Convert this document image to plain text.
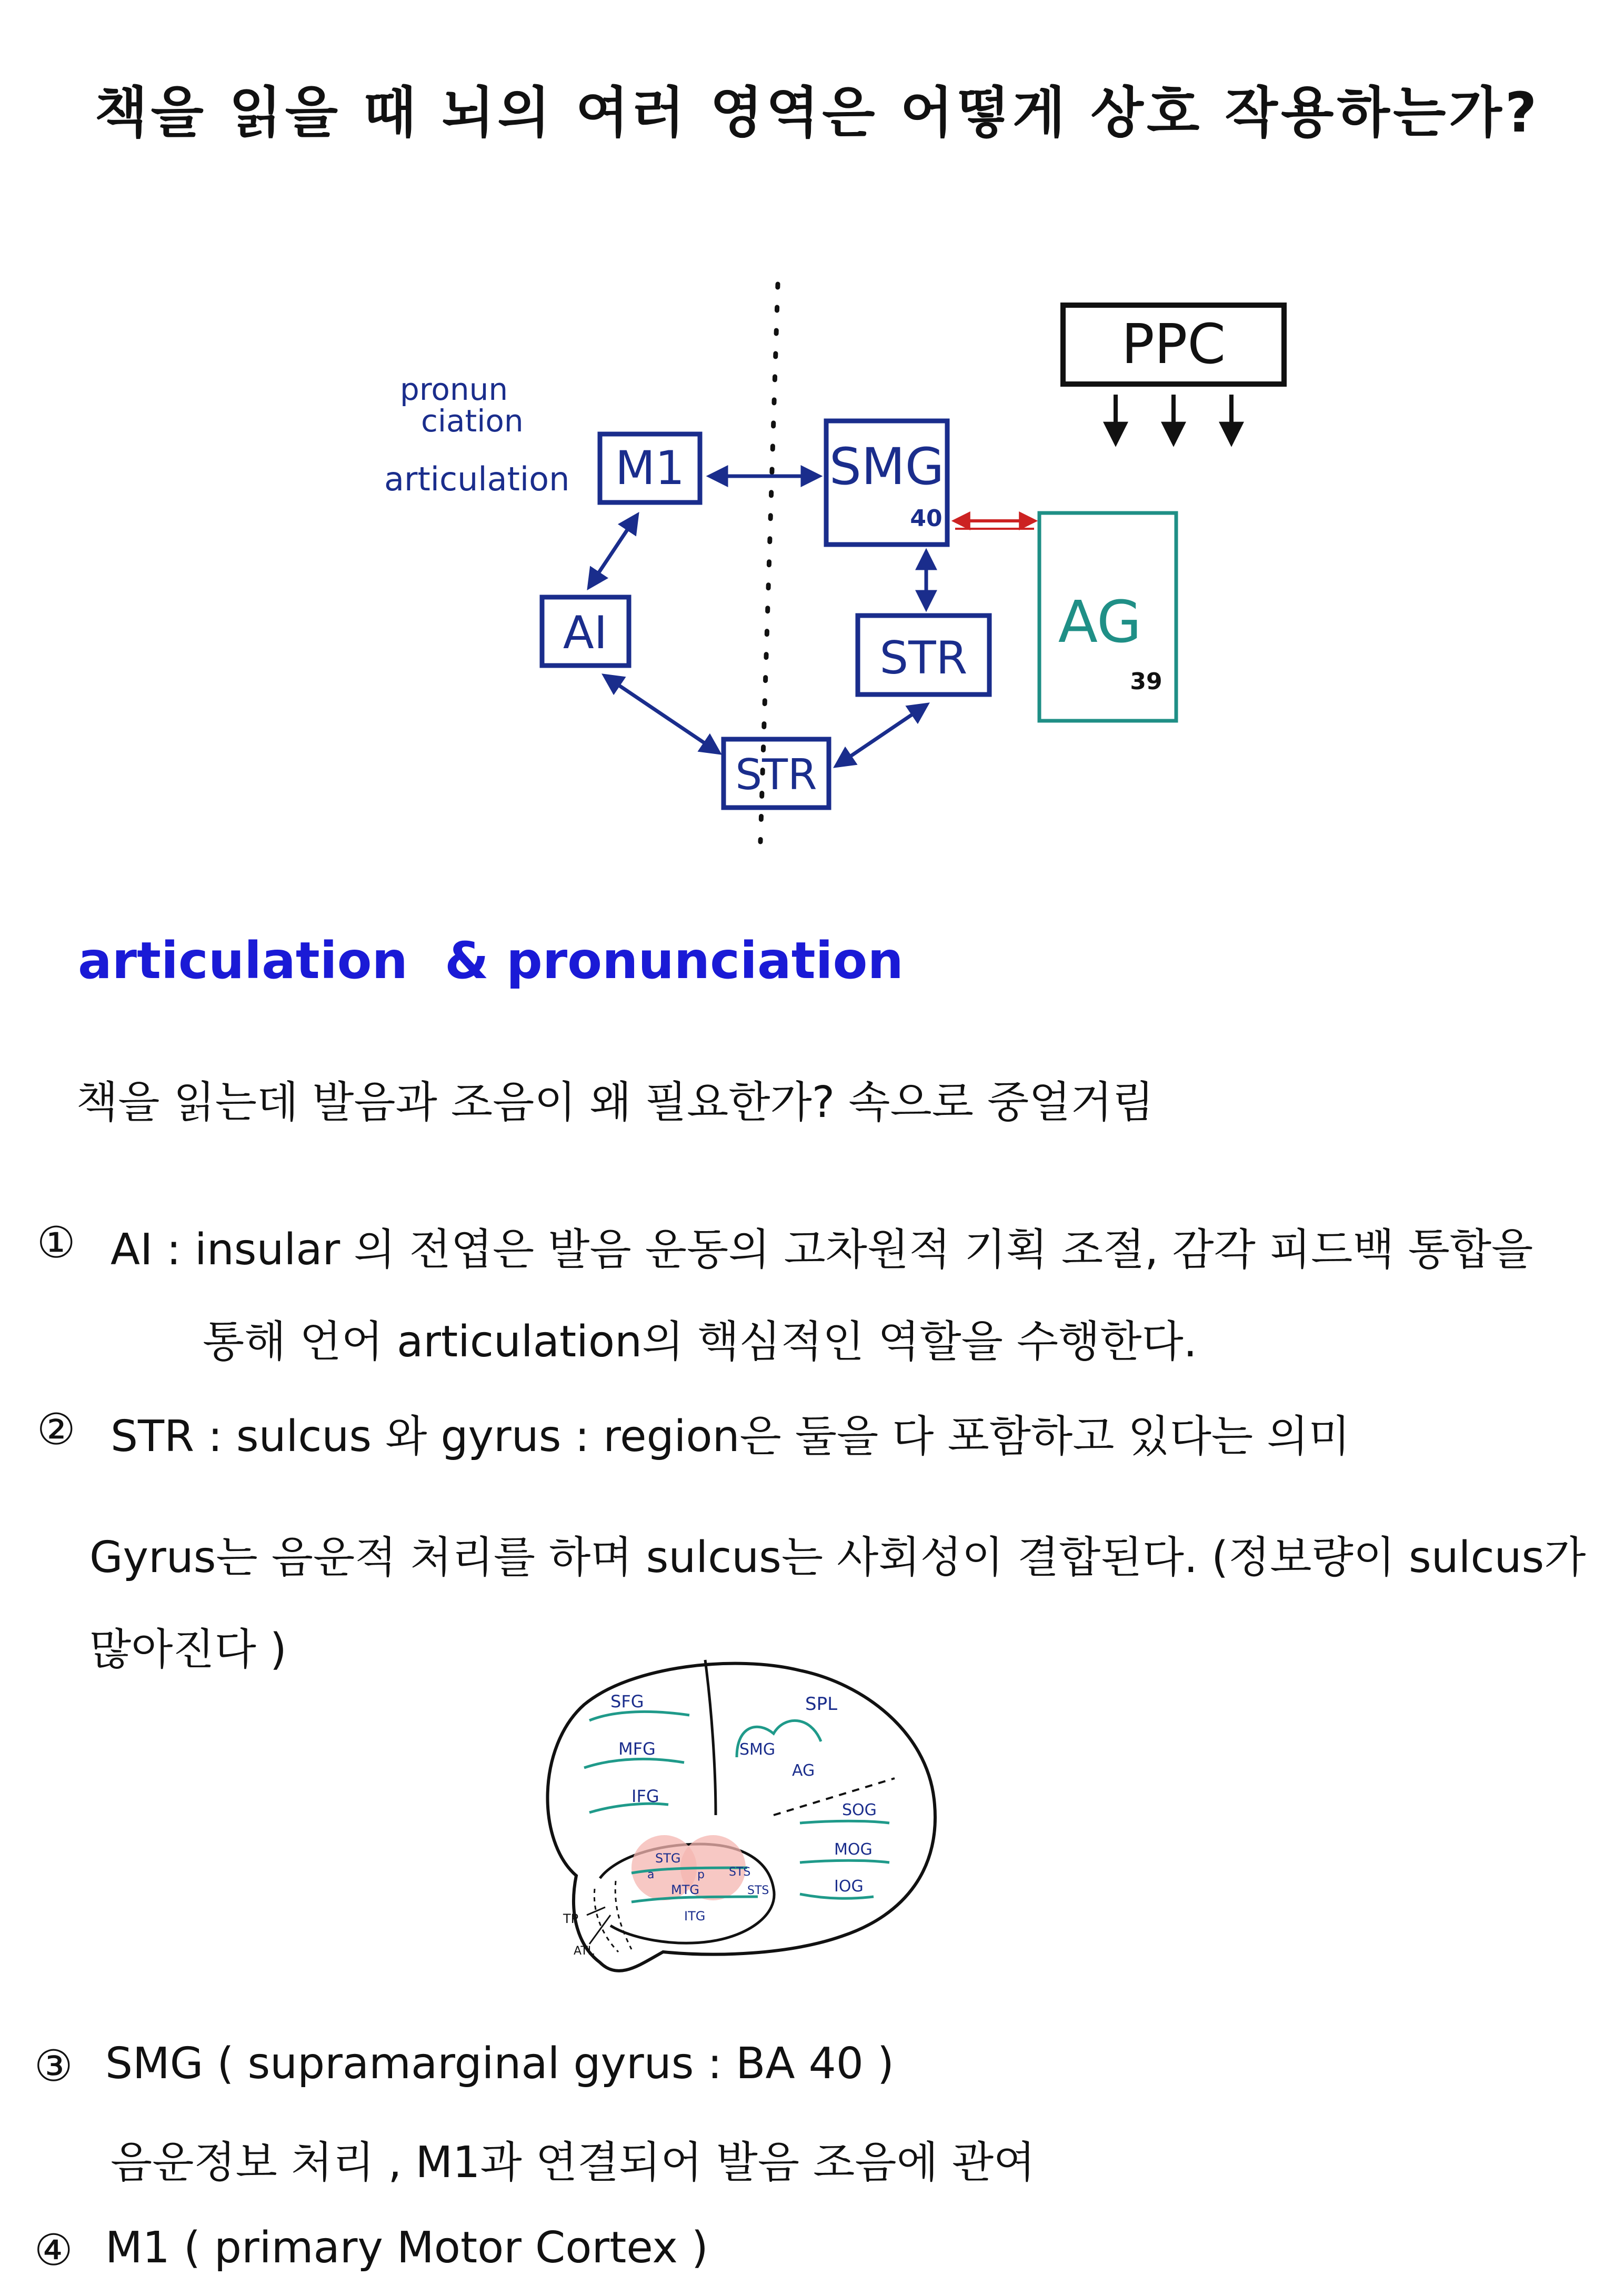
책을 읽을 때 뇌의 여러 영역은 어떻게 상호 작용하는가?
pronun
ciation
articulation M1	SMG
40
AI	STR
STR
PPC
AG
39
articulation & pronunciation
책을 읽는데 발음과 조음이 왜 필요한가? 속으로 중얼거림
① AI : insular 의 전엽은 발음 운동의 고차원적 기획 조절, 감각 피드백 통합을
통해 언어 articulation의 핵심적인 역할을 수행한다.
② STR : sulcus 와 gyrus : region은 둘을 다 포함하고 있다는 의미
Gyrus는 음운적 처리를 하며 sulcus는 사회성이 결합된다. (정보량이 sulcus가
많아진다 )
SFG
MFG
IFG
SMG
SPL
AG
SOG
MOG
IOG
STG
a	p STS
MTG	STS
ITG
TP
ATL
③ SMG ( supramarginal gyrus : BA 40 )
음운정보 처리 , M1과 연결되어 발음 조음에 관여
④ M1 ( primary Motor Cortex )
